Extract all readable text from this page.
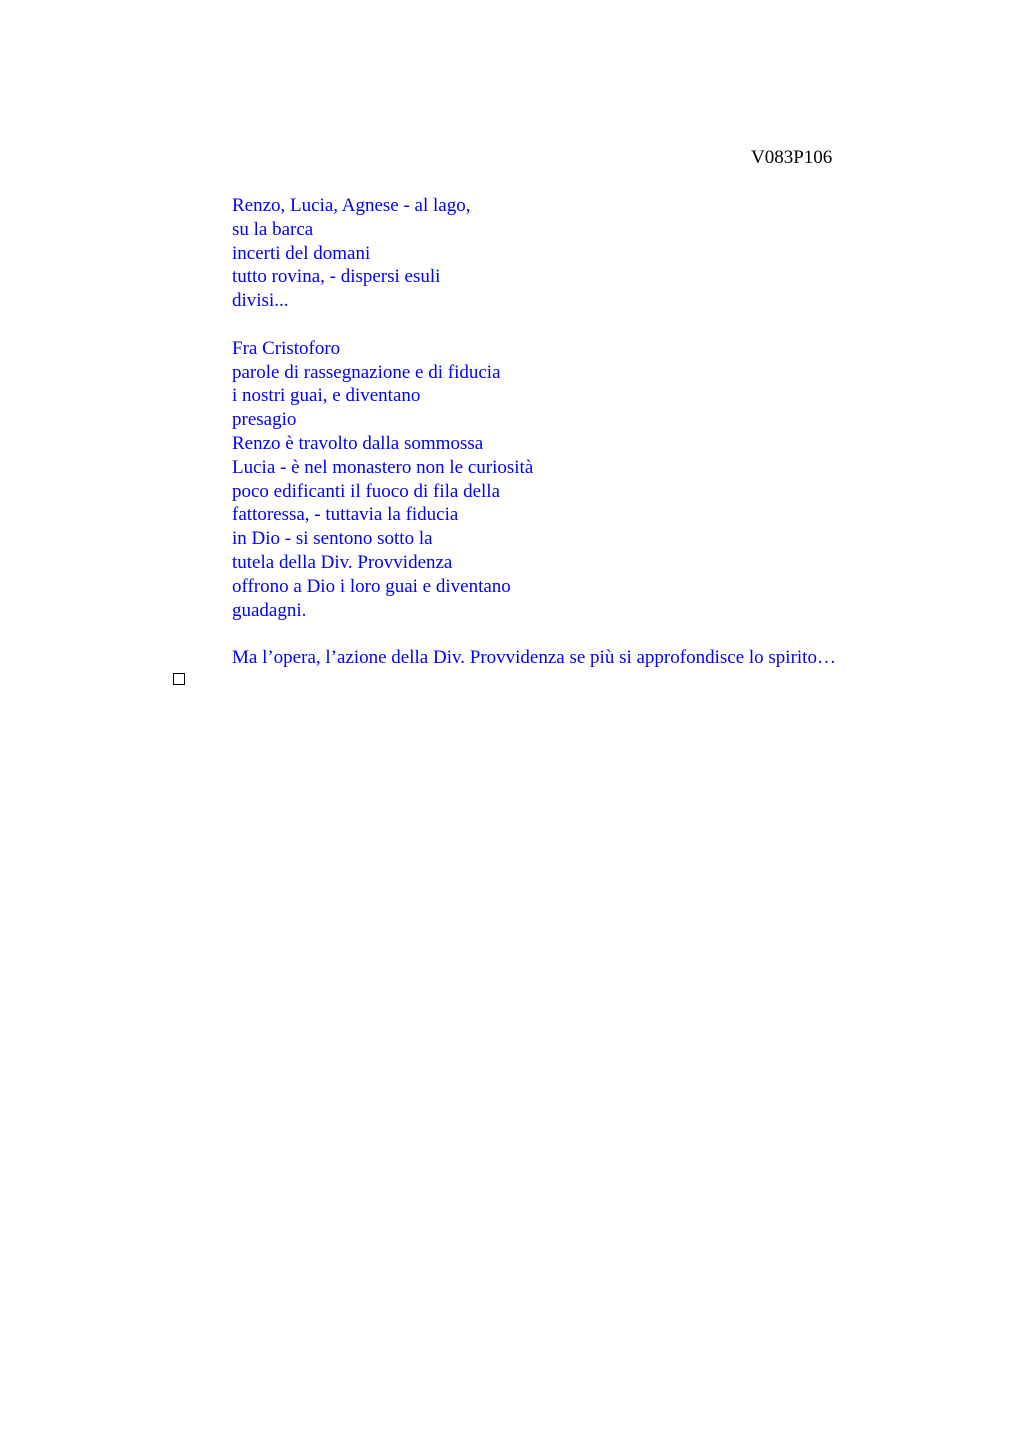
V083P106
Renzo, Lucia, Agnese - al lago,
su la barca
incerti del domani
tutto rovina, - dispersi esuli
divisi...
Fra Cristoforo
parole di rassegnazione e di fiducia
i nostri guai, e diventano
presagio
Renzo è travolto dalla sommossa
Lucia - è nel monastero non le curiosità
poco edificanti il fuoco di fila della
fattoressa, - tuttavia la fiducia
in Dio - si sentono sotto la
tutela della Div. Provvidenza
offrono a Dio i loro guai e diventano
guadagni.
Ma l’opera, l’azione della Div. Provvidenza se più si approfondisce lo spirito…
